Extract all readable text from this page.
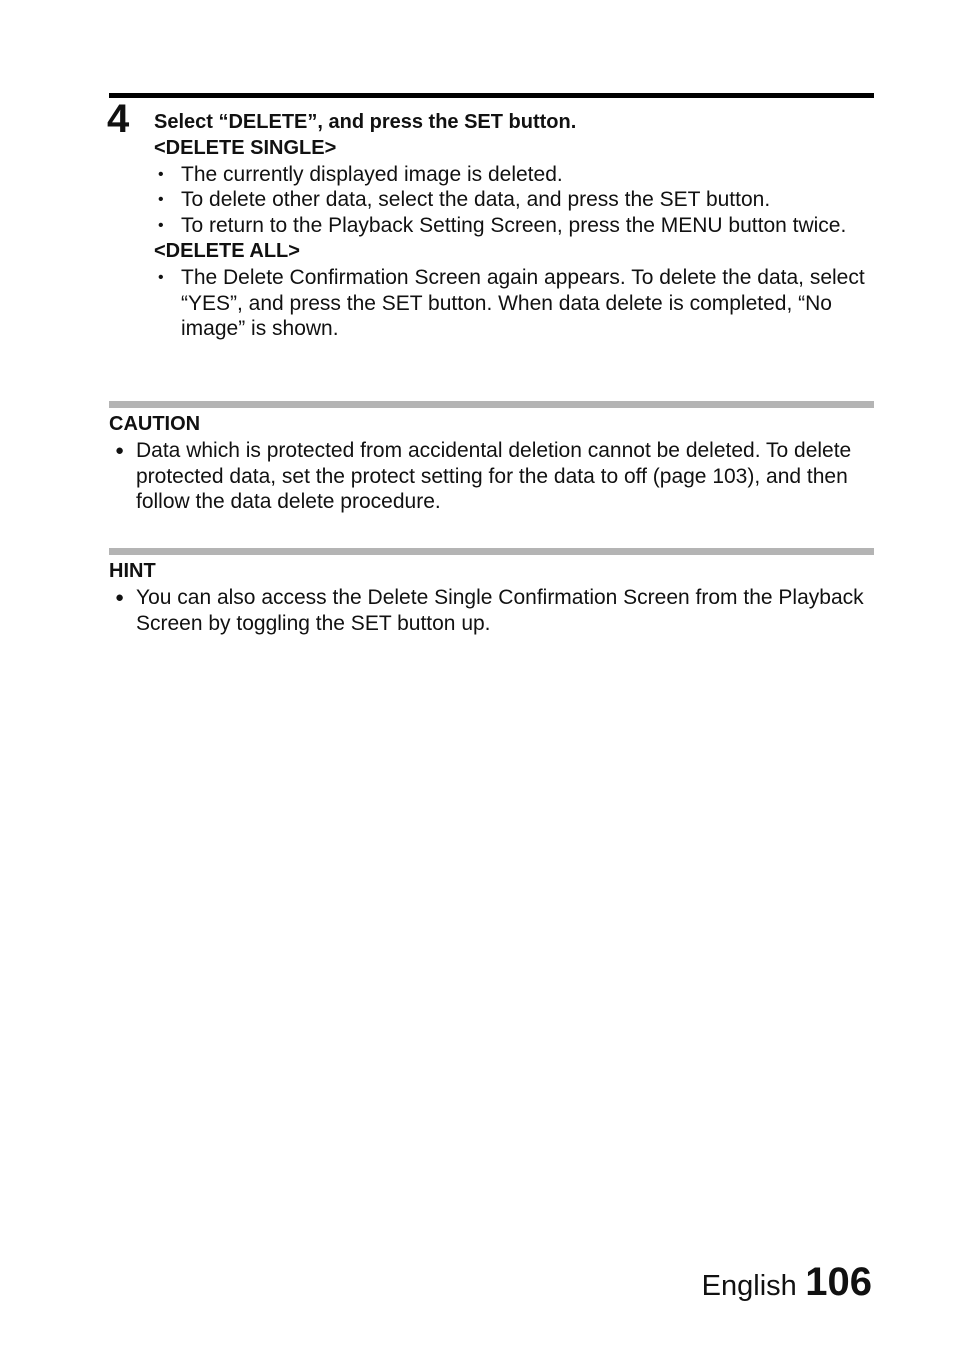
4 Select “DELETE”, and press the SET button.

<DELETE SINGLE>

• The currently displayed image is deleted.
• To delete other data, select the data, and press the SET button.
• To return to the Playback Setting Screen, press the MENU button twice.

<DELETE ALL>

• The Delete Confirmation Screen again appears. To delete the data, select “YES”, and press the SET button. When data delete is completed, “No image” is shown.

CAUTION

● Data which is protected from accidental deletion cannot be deleted. To delete protected data, set the protect setting for the data to off (page 103), and then follow the data delete procedure.

HINT

● You can also access the Delete Single Confirmation Screen from the Playback Screen by toggling the SET button up.
English 106
